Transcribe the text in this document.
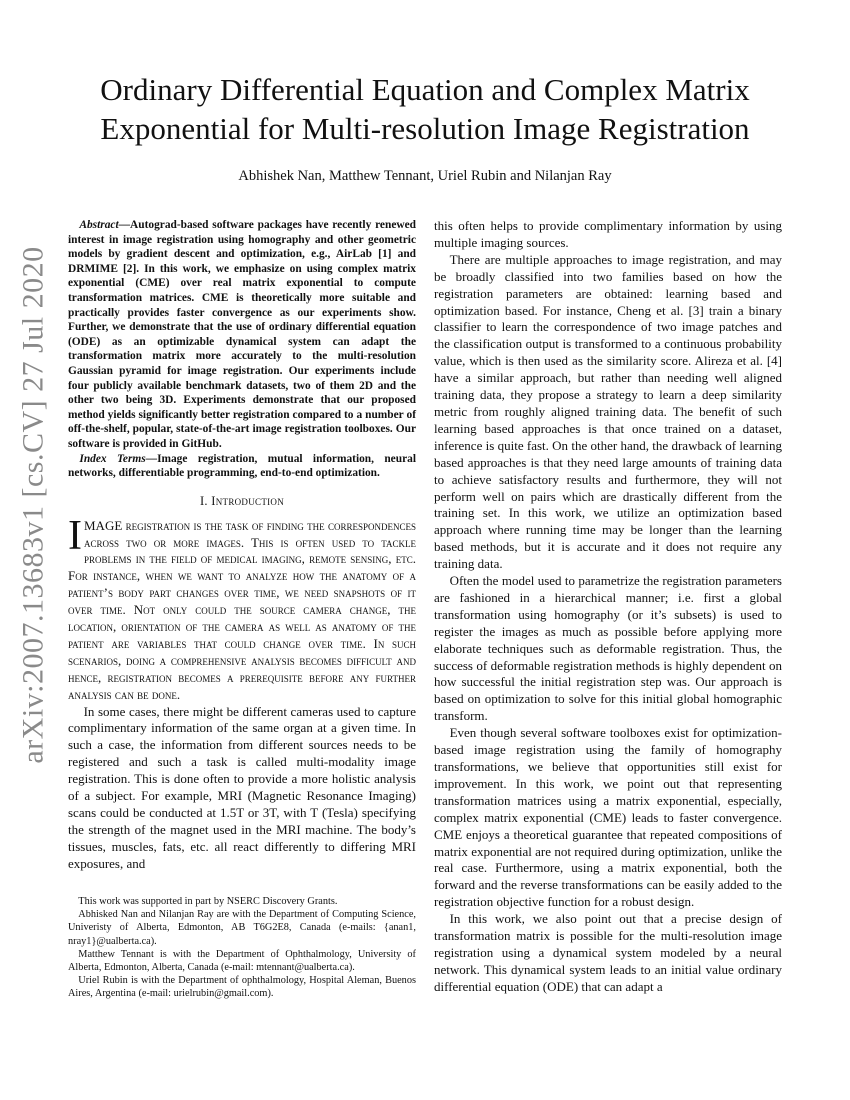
arXiv:2007.13683v1 [cs.CV] 27 Jul 2020
Ordinary Differential Equation and Complex Matrix
Exponential for Multi-resolution Image Registration

Abhishek Nan, Matthew Tennant, Uriel Rubin and Nilanjan Ray

Abstract—Autograd-based software packages have recently renewed interest in image registration using homography and other geometric models by gradient descent and optimization, e.g., AirLab [1] and DRMIME [2]. In this work, we emphasize on using complex matrix exponential (CME) over real matrix exponential to compute transformation matrices. CME is theoretically more suitable and practically provides faster convergence as our experiments show. Further, we demonstrate that the use of ordinary differential equation (ODE) as an optimizable dynamical system can adapt the transformation matrix more accurately to the multi-resolution Gaussian pyramid for image registration. Our experiments include four publicly available benchmark datasets, two of them 2D and the other two being 3D. Experiments demonstrate that our proposed method yields significantly better registration compared to a number of off-the-shelf, popular, state-of-the-art image registration toolboxes. Our software is provided in GitHub.

Index Terms—Image registration, mutual information, neural networks, differentiable programming, end-to-end optimization.

I. Introduction

IMAGE registration is the task of finding the correspondences across two or more images. This is often used to tackle problems in the field of medical imaging, remote sensing, etc. For instance, when we want to analyze how the anatomy of a patient’s body part changes over time, we need snapshots of it over time. Not only could the source camera change, the location, orientation of the camera as well as anatomy of the patient are variables that could change over time. In such scenarios, doing a comprehensive analysis becomes difficult and hence, registration becomes a prerequisite before any further analysis can be done.

In some cases, there might be different cameras used to capture complimentary information of the same organ at a given time. In such a case, the information from different sources needs to be registered and such a task is called multi-modality image registration. This is done often to provide a more holistic analysis of a subject. For example, MRI (Magnetic Resonance Imaging) scans could be conducted at 1.5T or 3T, with T (Tesla) specifying the strength of the magnet used in the MRI machine. The body’s tissues, muscles, fats, etc. all react differently to differing MRI exposures, and

This work was supported in part by NSERC Discovery Grants.

Abhisked Nan and Nilanjan Ray are with the Department of Computing Science, Univeristy of Alberta, Edmonton, AB T6G2E8, Canada (e-mails: {anan1, nray1}@ualberta.ca).

Matthew Tennant is with the Department of Ophthalmology, University of Alberta, Edmonton, Alberta, Canada (e-mail: mtennant@ualberta.ca).

Uriel Rubin is with the Department of ophthalmology, Hospital Aleman, Buenos Aires, Argentina (e-mail: urielrubin@gmail.com).

this often helps to provide complimentary information by using multiple imaging sources.

There are multiple approaches to image registration, and may be broadly classified into two families based on how the registration parameters are obtained: learning based and optimization based. For instance, Cheng et al. [3] train a binary classifier to learn the correspondence of two image patches and the classification output is transformed to a continuous probability value, which is then used as the similarity score. Alireza et al. [4] have a similar approach, but rather than needing well aligned training data, they propose a strategy to learn a deep similarity metric from roughly aligned training data. The benefit of such learning based approaches is that once trained on a dataset, inference is quite fast. On the other hand, the drawback of learning based approaches is that they need large amounts of training data to achieve satisfactory results and furthermore, they will not perform well on pairs which are drastically different from the training set. In this work, we utilize an optimization based approach where running time may be longer than the learning based methods, but it is accurate and it does not require any training data.

Often the model used to parametrize the registration parameters are fashioned in a hierarchical manner; i.e. first a global transformation using homography (or it’s subsets) is used to register the images as much as possible before applying more elaborate techniques such as deformable registration. Thus, the success of deformable registration methods is highly dependent on how successful the initial registration step was. Our approach is based on optimization to solve for this initial global homographic transform.

Even though several software toolboxes exist for optimization-based image registration using the family of homography transformations, we believe that opportunities still exist for improvement. In this work, we point out that representing transformation matrices using a matrix exponential, especially, complex matrix exponential (CME) leads to faster convergence. CME enjoys a theoretical guarantee that repeated compositions of matrix exponential are not required during optimization, unlike the real case. Furthermore, using a matrix exponential, both the forward and the reverse transformations can be easily added to the registration objective function for a robust design.

In this work, we also point out that a precise design of transformation matrix is possible for the multi-resolution image registration using a dynamical system modeled by a neural network. This dynamical system leads to an initial value ordinary differential equation (ODE) that can adapt a
